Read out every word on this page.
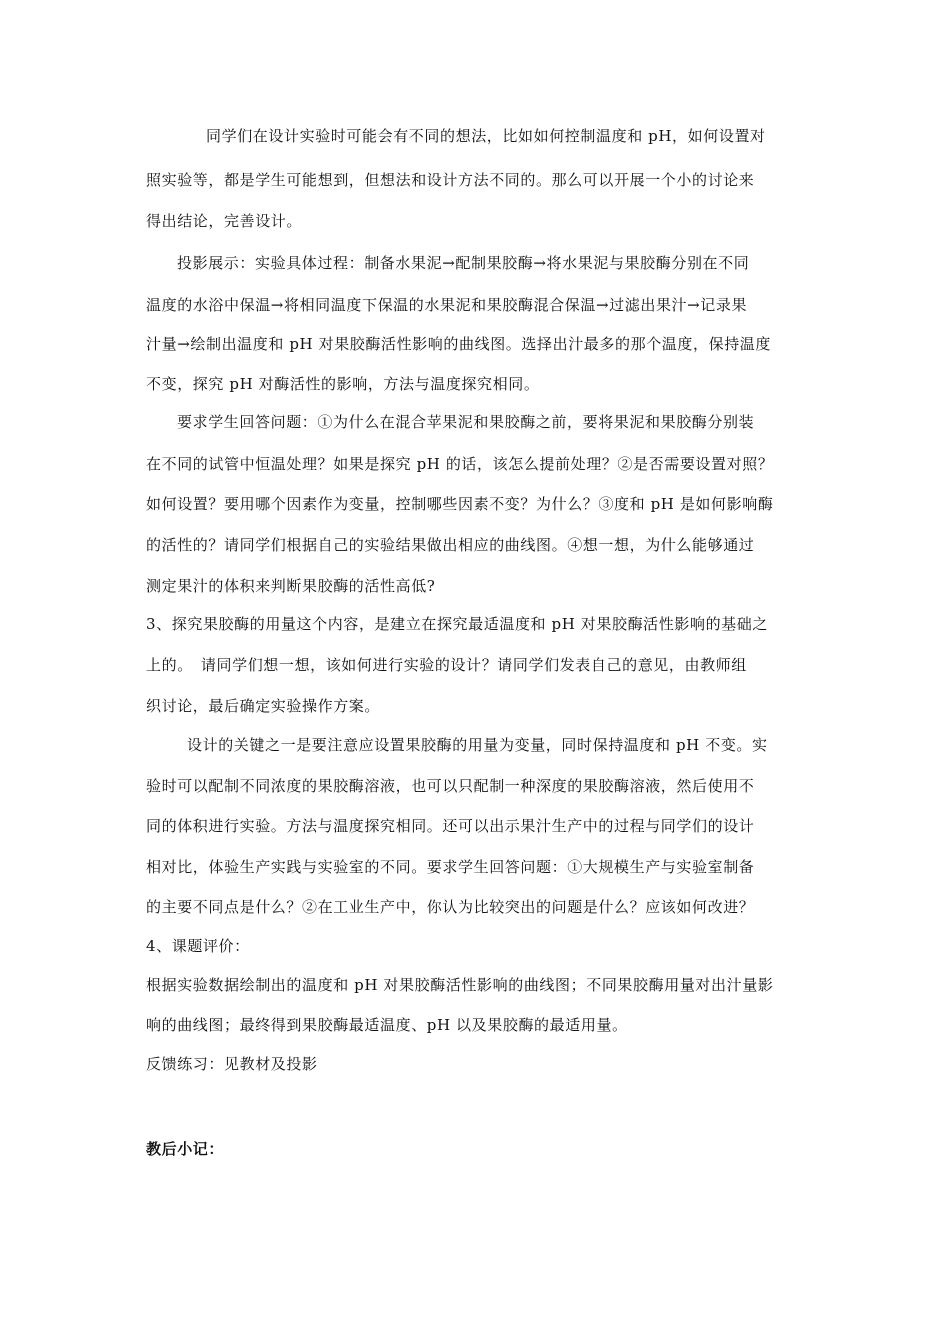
同学们在设计实验时可能会有不同的想法，比如如何控制温度和 pH，如何设置对
照实验等，都是学生可能想到，但想法和设计方法不同的。那么可以开展一个小的讨论来
得出结论，完善设计。
投影展示：实验具体过程：制备水果泥→配制果胶酶→将水果泥与果胶酶分别在不同
温度的水浴中保温→将相同温度下保温的水果泥和果胶酶混合保温→过滤出果汁→记录果
汁量→绘制出温度和 pH 对果胶酶活性影响的曲线图。选择出汁最多的那个温度，保持温度
不变，探究 pH 对酶活性的影响，方法与温度探究相同。
要求学生回答问题：①为什么在混合苹果泥和果胶酶之前，要将果泥和果胶酶分别装
在不同的试管中恒温处理？如果是探究 pH 的话，该怎么提前处理？②是否需要设置对照？
如何设置？要用哪个因素作为变量，控制哪些因素不变？为什么？③度和 pH 是如何影响酶
的活性的？请同学们根据自己的实验结果做出相应的曲线图。④想一想，为什么能够通过
测定果汁的体积来判断果胶酶的活性高低?
3、探究果胶酶的用量这个内容，是建立在探究最适温度和 pH 对果胶酶活性影响的基础之
上的。　请同学们想一想，该如何进行实验的设计？请同学们发表自己的意见，由教师组
织讨论，最后确定实验操作方案。
设计的关键之一是要注意应设置果胶酶的用量为变量，同时保持温度和 pH 不变。实
验时可以配制不同浓度的果胶酶溶液，也可以只配制一种深度的果胶酶溶液，然后使用不
同的体积进行实验。方法与温度探究相同。还可以出示果汁生产中的过程与同学们的设计
相对比，体验生产实践与实验室的不同。要求学生回答问题：①大规模生产与实验室制备
的主要不同点是什么？②在工业生产中，你认为比较突出的问题是什么？应该如何改进？
4、课题评价：
根据实验数据绘制出的温度和 pH 对果胶酶活性影响的曲线图；不同果胶酶用量对出汁量影
响的曲线图；最终得到果胶酶最适温度、pH 以及果胶酶的最适用量。
反馈练习：见教材及投影
教后小记：
